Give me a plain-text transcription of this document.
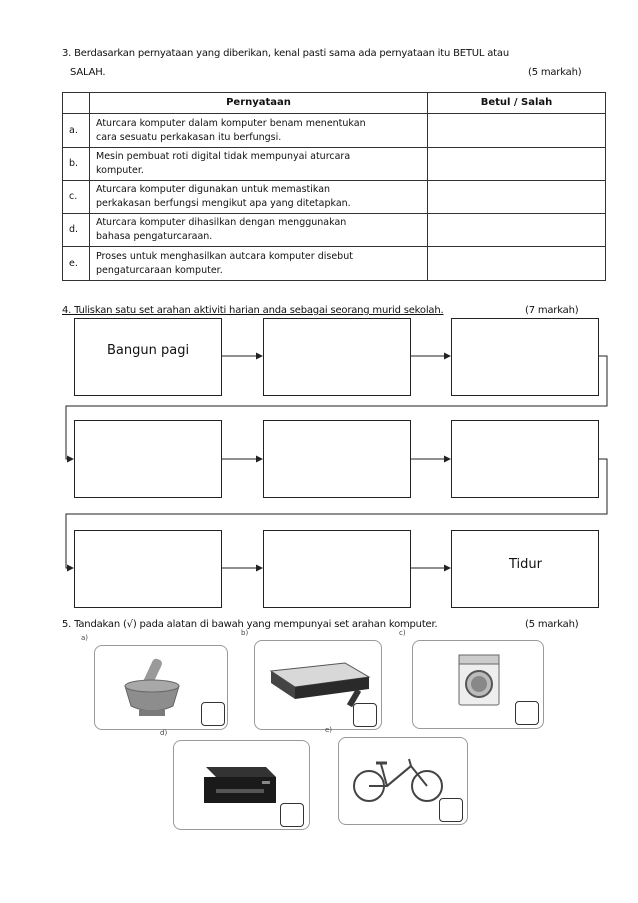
3. Berdasarkan pernyataan yang diberikan, kenal pasti sama ada pernyataan itu BETUL atau
SALAH.	(5 markah)
	Pernyataan	Betul / Salah
a.	Aturcara komputer dalam komputer benam menentukan
cara sesuatu perkakasan itu berfungsi.	
b.	Mesin pembuat roti digital tidak mempunyai aturcara
komputer.	
c.	Aturcara komputer digunakan untuk memastikan
perkakasan berfungsi mengikut apa yang ditetapkan.	
d.	Aturcara komputer dihasilkan dengan menggunakan
bahasa pengaturcaraan.	
e.	Proses untuk menghasilkan autcara komputer disebut
pengaturcaraan komputer.	
4. Tuliskan satu set arahan aktiviti harian anda sebagai seorang murid sekolah.	(7 markah)
Bangun pagi
Tidur
5. Tandakan (√) pada alatan di bawah yang mempunyai set arahan komputer.	(5 markah)
a)
b)	c)
d)	e)
